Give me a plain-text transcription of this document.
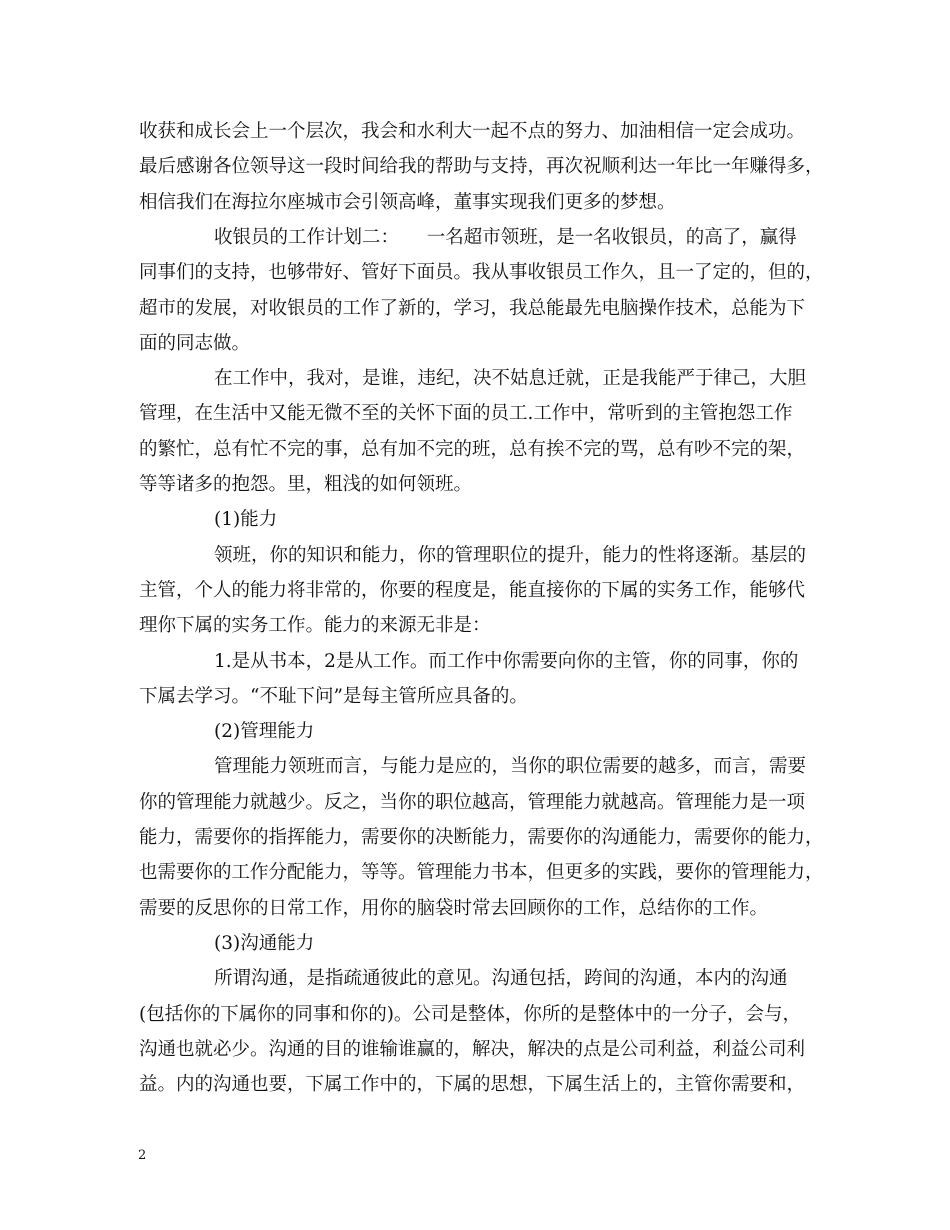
收获和成长会上一个层次，我会和水利大一起不点的努力、加油相信一定会成功。
最后感谢各位领导这一段时间给我的帮助与支持，再次祝顺利达一年比一年赚得多，
相信我们在海拉尔座城市会引领高峰，董事实现我们更多的梦想。
收银员的工作计划二：　　一名超市领班，是一名收银员，的高了，赢得
同事们的支持，也够带好、管好下面员。我从事收银员工作久，且一了定的，但的，
超市的发展，对收银员的工作了新的，学习，我总能最先电脑操作技术，总能为下
面的同志做。
在工作中，我对，是谁，违纪，决不姑息迁就，正是我能严于律己，大胆
管理，在生活中又能无微不至的关怀下面的员工.工作中，常听到的主管抱怨工作
的繁忙，总有忙不完的事，总有加不完的班，总有挨不完的骂，总有吵不完的架，
等等诸多的抱怨。里，粗浅的如何领班。
(1)能力
领班，你的知识和能力，你的管理职位的提升，能力的性将逐渐。基层的
主管，个人的能力将非常的，你要的程度是，能直接你的下属的实务工作，能够代
理你下属的实务工作。能力的来源无非是：
1.是从书本，2是从工作。而工作中你需要向你的主管，你的同事，你的
下属去学习。“不耻下问”是每主管所应具备的。
(2)管理能力
管理能力领班而言，与能力是应的，当你的职位需要的越多，而言，需要
你的管理能力就越少。反之，当你的职位越高，管理能力就越高。管理能力是一项
能力，需要你的指挥能力，需要你的决断能力，需要你的沟通能力，需要你的能力，
也需要你的工作分配能力，等等。管理能力书本，但更多的实践，要你的管理能力，
需要的反思你的日常工作，用你的脑袋时常去回顾你的工作，总结你的工作。
(3)沟通能力
所谓沟通，是指疏通彼此的意见。沟通包括，跨间的沟通，本内的沟通
(包括你的下属你的同事和你的)。公司是整体，你所的是整体中的一分子，会与，
沟通也就必少。沟通的目的谁输谁赢的，解决，解决的点是公司利益，利益公司利
益。内的沟通也要，下属工作中的，下属的思想，下属生活上的，主管你需要和，
2
